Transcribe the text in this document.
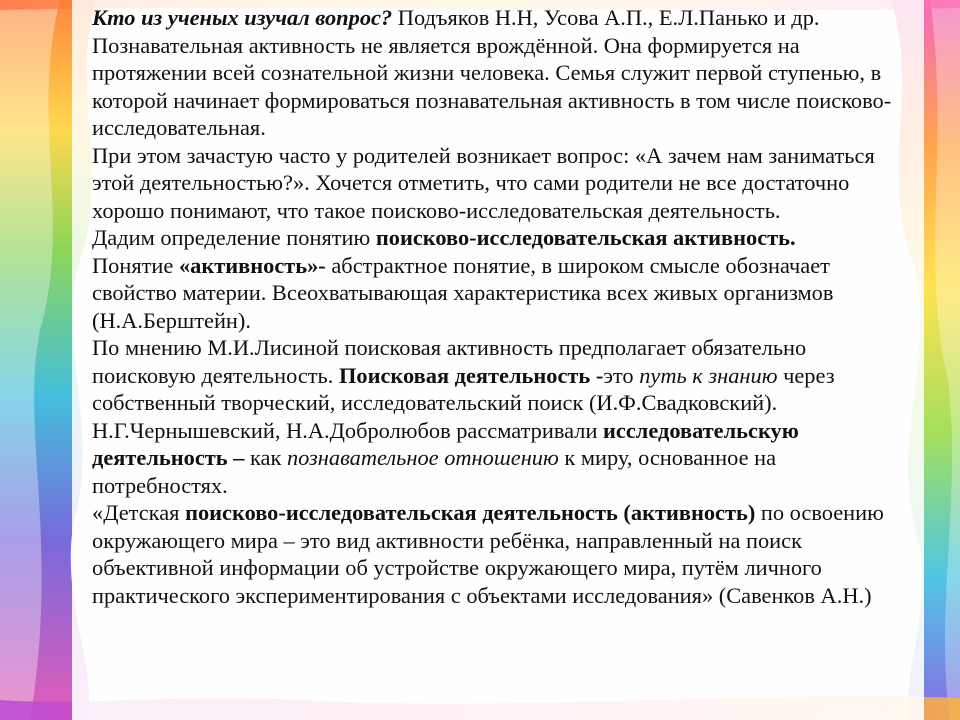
Кто из ученых изучал вопрос? Подъяков Н.Н, Усова А.П., Е.Л.Панько и др. Познавательная активность не является врождённой. Она формируется на протяжении всей сознательной жизни человека. Семья служит первой ступенью, в которой начинает формироваться познавательная активность в том числе поисково-исследовательная.

При этом зачастую часто у родителей возникает вопрос: «А зачем нам заниматься этой деятельностью?». Хочется отметить, что сами родители не все достаточно хорошо понимают, что такое поисково-исследовательская деятельность.

Дадим определение понятию поисково-исследовательская активность.

Понятие «активность»- абстрактное понятие, в широком смысле обозначает свойство материи. Всеохватывающая характеристика всех живых организмов (Н.А.Берштейн).

По мнению М.И.Лисиной поисковая активность предполагает обязательно поисковую деятельность. Поисковая деятельность -это путь к знанию через собственный творческий, исследовательский поиск (И.Ф.Свадковский).

Н.Г.Чернышевский, Н.А.Добролюбов рассматривали исследовательскую деятельность – как познавательное отношению к миру, основанное на потребностях.

«Детская поисково-исследовательская деятельность (активность) по освоению окружающего мира – это вид активности ребёнка, направленный на поиск объективной информации об устройстве окружающего мира, путём личного практического экспериментирования с объектами исследования» (Савенков А.Н.)
